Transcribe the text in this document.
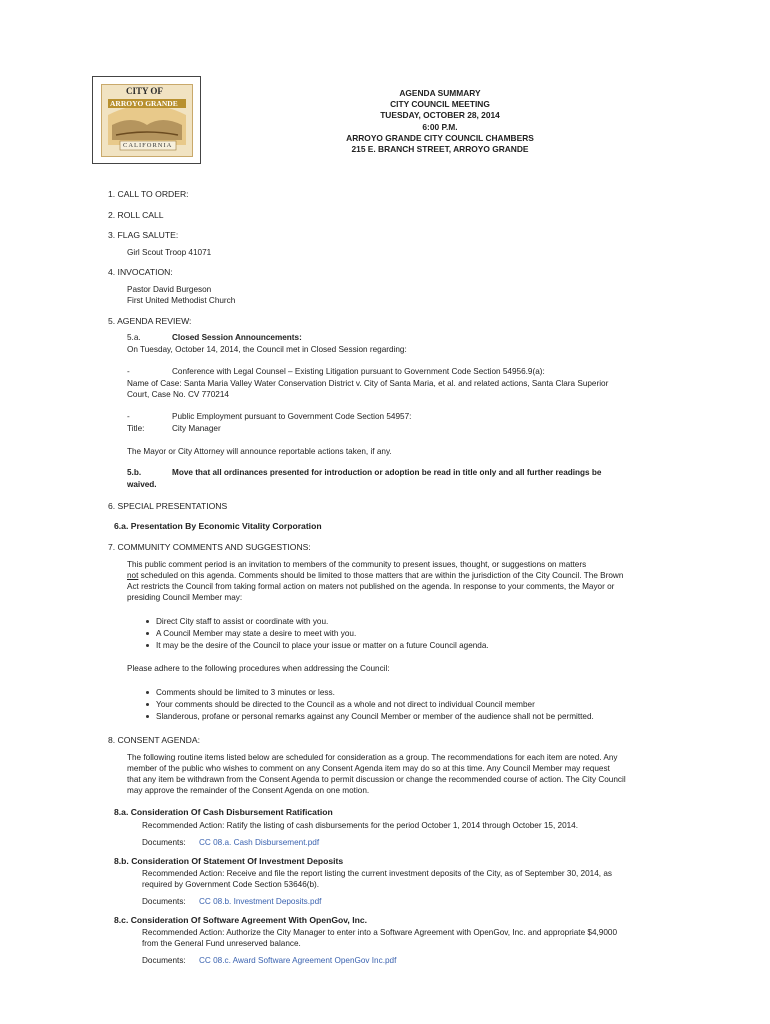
CITY OF
ARROYO GRANDE
CALIFORNIA
AGENDA SUMMARY
CITY COUNCIL MEETING
TUESDAY, OCTOBER 28, 2014
6:00 P.M.
ARROYO GRANDE CITY COUNCIL CHAMBERS
215 E. BRANCH STREET, ARROYO GRANDE
1. CALL TO ORDER:
2. ROLL CALL
3. FLAG SALUTE:
Girl Scout Troop 41071
4. INVOCATION:
Pastor David Burgeson
First United Methodist Church
5. AGENDA REVIEW:
5.a.	Closed Session Announcements:
On Tuesday, October 14, 2014, the Council met in Closed Session regarding:
-	Conference with Legal Counsel – Existing Litigation pursuant to Government Code Section 54956.9(a):
Name of Case: Santa Maria Valley Water Conservation District v. City of Santa Maria, et al. and related actions, Santa Clara Superior
Court, Case No. CV 770214
-	Public Employment pursuant to Government Code Section 54957:
Title:	City Manager
The Mayor or City Attorney will announce reportable actions taken, if any.
5.b.	Move that all ordinances presented for introduction or adoption be read in title only and all further readings be
waived.
6. SPECIAL PRESENTATIONS
6.a. Presentation By Economic Vitality Corporation
7. COMMUNITY COMMENTS AND SUGGESTIONS:
This public comment period is an invitation to members of the community to present issues, thought, or suggestions on matters
not scheduled on this agenda. Comments should be limited to those matters that are within the jurisdiction of the City Council. The Brown
Act restricts the Council from taking formal action on maters not published on the agenda. In response to your comments, the Mayor or
presiding Council Member may:
Direct City staff to assist or coordinate with you.
A Council Member may state a desire to meet with you.
It may be the desire of the Council to place your issue or matter on a future Council agenda.
Please adhere to the following procedures when addressing the Council:
Comments should be limited to 3 minutes or less.
Your comments should be directed to the Council as a whole and not direct to individual Council member
Slanderous, profane or personal remarks against any Council Member or member of the audience shall not be permitted.
8. CONSENT AGENDA:
The following routine items listed below are scheduled for consideration as a group. The recommendations for each item are noted. Any
member of the public who wishes to comment on any Consent Agenda item may do so at this time. Any Council Member may request
that any item be withdrawn from the Consent Agenda to permit discussion or change the recommended course of action. The City Council
may approve the remainder of the Consent Agenda on one motion.
8.a. Consideration Of Cash Disbursement Ratification
Recommended Action: Ratify the listing of cash disbursements for the period October 1, 2014 through October 15, 2014.
Documents: CC 08.a. Cash Disbursement.pdf
8.b. Consideration Of Statement Of Investment Deposits
Recommended Action: Receive and file the report listing the current investment deposits of the City, as of September 30, 2014, as
required by Government Code Section 53646(b).
Documents: CC 08.b. Investment Deposits.pdf
8.c. Consideration Of Software Agreement With OpenGov, Inc.
Recommended Action: Authorize the City Manager to enter into a Software Agreement with OpenGov, Inc. and appropriate $4,9000
from the General Fund unreserved balance.
Documents: CC 08.c. Award Software Agreement OpenGov Inc.pdf
